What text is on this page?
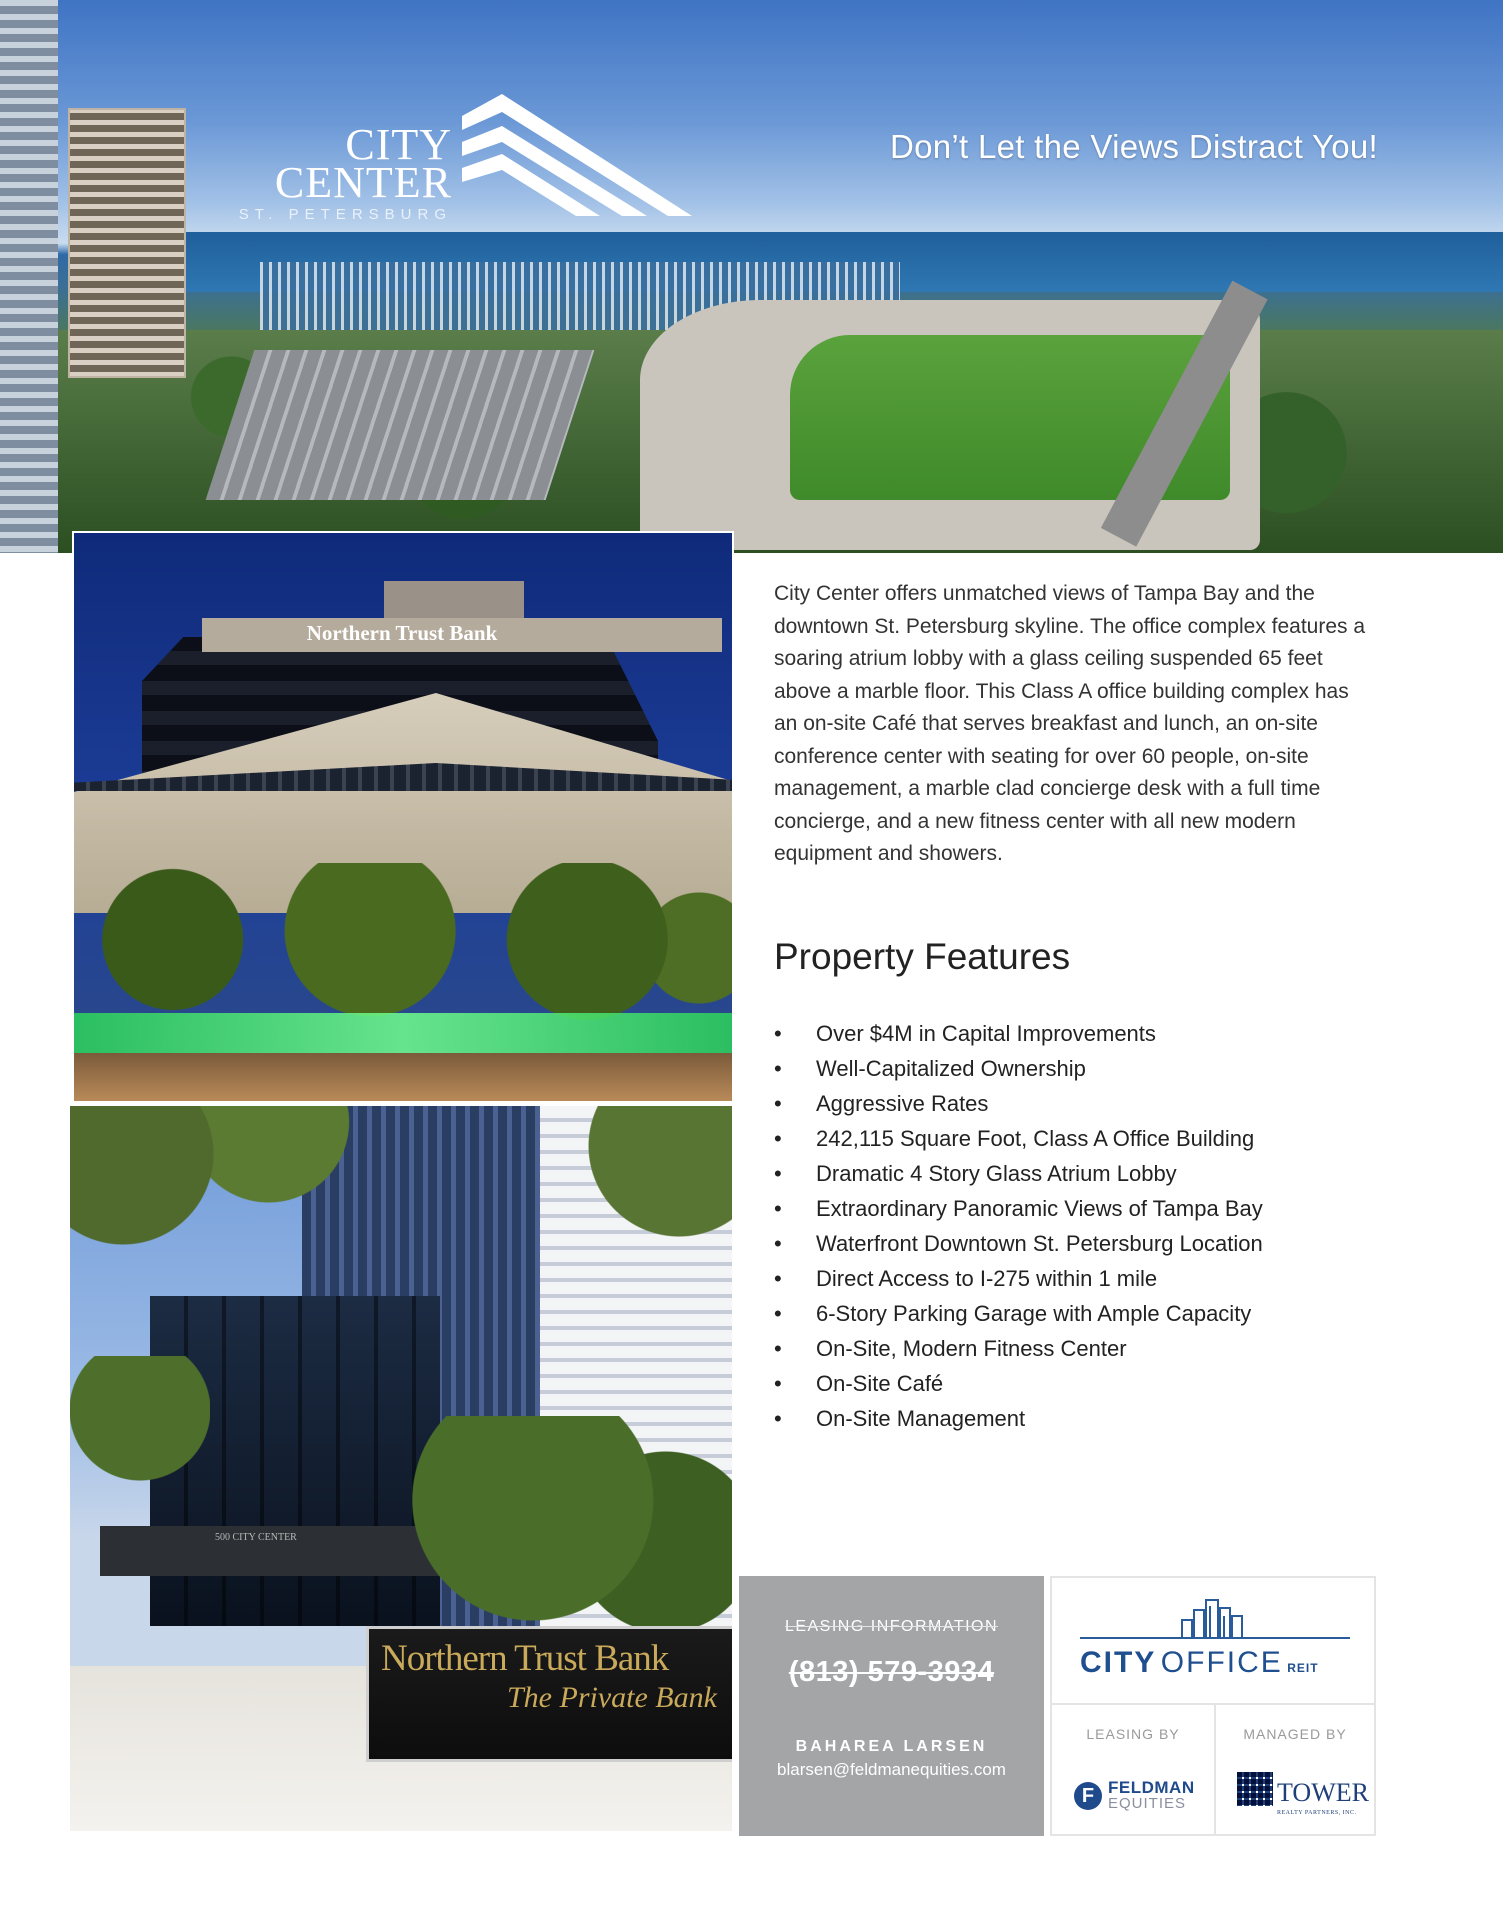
CITY
CENTER
ST. PETERSBURG
Don’t Let the Views Distract You!
Northern Trust Bank
500 CITY CENTER
Northern Trust Bank
The Private Bank

City Center offers unmatched views of Tampa Bay and the downtown St. Petersburg skyline. The office complex features a soaring atrium lobby with a glass ceiling suspended 65 feet above a marble floor. This Class A office building complex has an on-site Café that serves breakfast and lunch, an on-site conference center with seating for over 60 people, on-site management, a marble clad concierge desk with a full time concierge, and a new fitness center with all new modern equipment and showers.

Property Features
• Over $4M in Capital Improvements
• Well-Capitalized Ownership
• Aggressive Rates
• 242,115 Square Foot, Class A Office Building
• Dramatic 4 Story Glass Atrium Lobby
• Extraordinary Panoramic Views of Tampa Bay
• Waterfront Downtown St. Petersburg Location
• Direct Access to I-275 within 1 mile
• 6-Story Parking Garage with Ample Capacity
• On-Site, Modern Fitness Center
• On-Site Café
• On-Site Management
LEASING INFORMATION
(813) 579-3934
BAHAREA LARSEN
blarsen@feldmanequities.com
CITY OFFICE REIT
LEASING BY	MANAGED BY
F FELDMAN
EQUITIES	TOWER
REALTY PARTNERS, INC.
